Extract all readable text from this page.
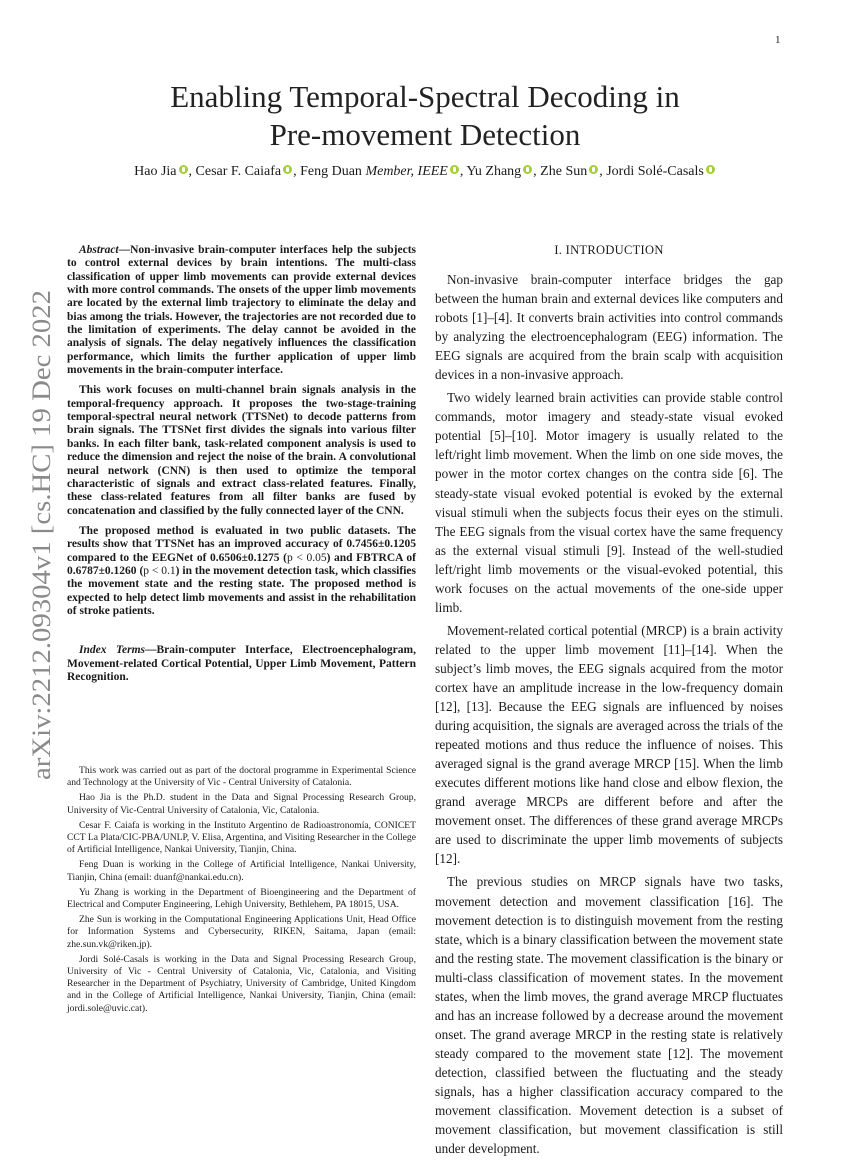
1
arXiv:2212.09304v1 [cs.HC] 19 Dec 2022
Enabling Temporal-Spectral Decoding in
Pre-movement Detection
Hao Jia , Cesar F. Caiafa , Feng Duan Member, IEEE , Yu Zhang , Zhe Sun , Jordi Solé-Casals

Abstract—Non-invasive brain-computer interfaces help the subjects to control external devices by brain intentions. The multi-class classification of upper limb movements can provide external devices with more control commands. The onsets of the upper limb movements are located by the external limb trajectory to eliminate the delay and bias among the trials. However, the trajectories are not recorded due to the limitation of experiments. The delay cannot be avoided in the analysis of signals. The delay negatively influences the classification performance, which limits the further application of upper limb movements in the brain-computer interface.

This work focuses on multi-channel brain signals analysis in the temporal-frequency approach. It proposes the two-stage-training temporal-spectral neural network (TTSNet) to decode patterns from brain signals. The TTSNet first divides the signals into various filter banks. In each filter bank, task-related component analysis is used to reduce the dimension and reject the noise of the brain. A convolutional neural network (CNN) is then used to optimize the temporal characteristic of signals and extract class-related features. Finally, these class-related features from all filter banks are fused by concatenation and classified by the fully connected layer of the CNN.

The proposed method is evaluated in two public datasets. The results show that TTSNet has an improved accuracy of 0.7456±0.1205 compared to the EEGNet of 0.6506±0.1275 (p < 0.05) and FBTRCA of 0.6787±0.1260 (p < 0.1) in the movement detection task, which classifies the movement state and the resting state. The proposed method is expected to help detect limb movements and assist in the rehabilitation of stroke patients.

Index Terms—Brain-computer Interface, Electroencephalogram, Movement-related Cortical Potential, Upper Limb Movement, Pattern Recognition.

This work was carried out as part of the doctoral programme in Experimental Science and Technology at the University of Vic - Central University of Catalonia.

Hao Jia is the Ph.D. student in the Data and Signal Processing Research Group, University of Vic-Central University of Catalonia, Vic, Catalonia.

Cesar F. Caiafa is working in the Instituto Argentino de Radioastronomía, CONICET CCT La Plata/CIC-PBA/UNLP, V. Elisa, Argentina, and Visiting Researcher in the College of Artificial Intelligence, Nankai University, Tianjin, China.

Feng Duan is working in the College of Artificial Intelligence, Nankai University, Tianjin, China (email: duanf@nankai.edu.cn).

Yu Zhang is working in the Department of Bioengineering and the Department of Electrical and Computer Engineering, Lehigh University, Bethlehem, PA 18015, USA.

Zhe Sun is working in the Computational Engineering Applications Unit, Head Office for Information Systems and Cybersecurity, RIKEN, Saitama, Japan (email: zhe.sun.vk@riken.jp).

Jordi Solé-Casals is working in the Data and Signal Processing Research Group, University of Vic - Central University of Catalonia, Vic, Catalonia, and Visiting Researcher in the Department of Psychiatry, University of Cambridge, United Kingdom and in the College of Artificial Intelligence, Nankai University, Tianjin, China (email: jordi.sole@uvic.cat).

I. INTRODUCTION

Non-invasive brain-computer interface bridges the gap between the human brain and external devices like computers and robots [1]–[4]. It converts brain activities into control commands by analyzing the electroencephalogram (EEG) information. The EEG signals are acquired from the brain scalp with acquisition devices in a non-invasive approach.

Two widely learned brain activities can provide stable control commands, motor imagery and steady-state visual evoked potential [5]–[10]. Motor imagery is usually related to the left/right limb movement. When the limb on one side moves, the power in the motor cortex changes on the contra side [6]. The steady-state visual evoked potential is evoked by the external visual stimuli when the subjects focus their eyes on the stimuli. The EEG signals from the visual cortex have the same frequency as the external visual stimuli [9]. Instead of the well-studied left/right limb movements or the visual-evoked potential, this work focuses on the actual movements of the one-side upper limb.

Movement-related cortical potential (MRCP) is a brain activity related to the upper limb movement [11]–[14]. When the subject’s limb moves, the EEG signals acquired from the motor cortex have an amplitude increase in the low-frequency domain [12], [13]. Because the EEG signals are influenced by noises during acquisition, the signals are averaged across the trials of the repeated motions and thus reduce the influence of noises. This averaged signal is the grand average MRCP [15]. When the limb executes different motions like hand close and elbow flexion, the grand average MRCPs are different before and after the movement onset. The differences of these grand average MRCPs are used to discriminate the upper limb movements of subjects [12].

The previous studies on MRCP signals have two tasks, movement detection and movement classification [16]. The movement detection is to distinguish movement from the resting state, which is a binary classification between the movement state and the resting state. The movement classification is the binary or multi-class classification of movement states. In the movement states, when the limb moves, the grand average MRCP fluctuates and has an increase followed by a decrease around the movement onset. The grand average MRCP in the resting state is relatively steady compared to the movement state [12]. The movement detection, classified between the fluctuating and the steady signals, has a higher classification accuracy compared to the movement classification. Movement detection is a subset of movement classification, but movement classification is still under development.
